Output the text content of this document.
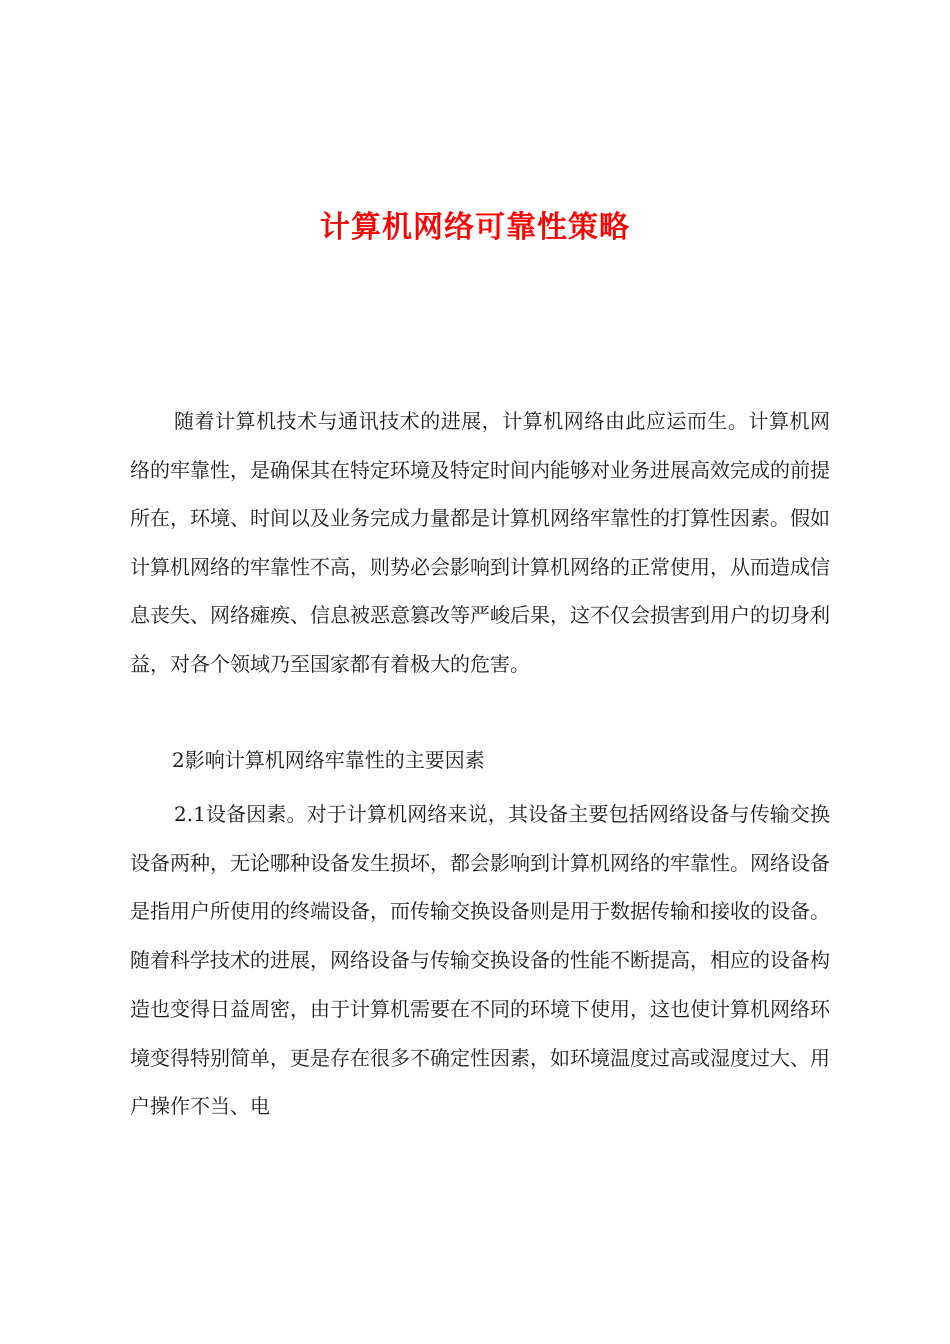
计算机网络可靠性策略
随着计算机技术与通讯技术的进展，计算机网络由此应运而生。计算机网络的牢靠性，是确保其在特定环境及特定时间内能够对业务进展高效完成的前提所在，环境、时间以及业务完成力量都是计算机网络牢靠性的打算性因素。假如计算机网络的牢靠性不高，则势必会影响到计算机网络的正常使用，从而造成信息丧失、网络瘫痪、信息被恶意篡改等严峻后果，这不仅会损害到用户的切身利益，对各个领域乃至国家都有着极大的危害。
2影响计算机网络牢靠性的主要因素
2.1设备因素。对于计算机网络来说，其设备主要包括网络设备与传输交换设备两种，无论哪种设备发生损坏，都会影响到计算机网络的牢靠性。网络设备是指用户所使用的终端设备，而传输交换设备则是用于数据传输和接收的设备。随着科学技术的进展，网络设备与传输交换设备的性能不断提高，相应的设备构造也变得日益周密，由于计算机需要在不同的环境下使用，这也使计算机网络环境变得特别简单，更是存在很多不确定性因素，如环境温度过高或湿度过大、用户操作不当、电
